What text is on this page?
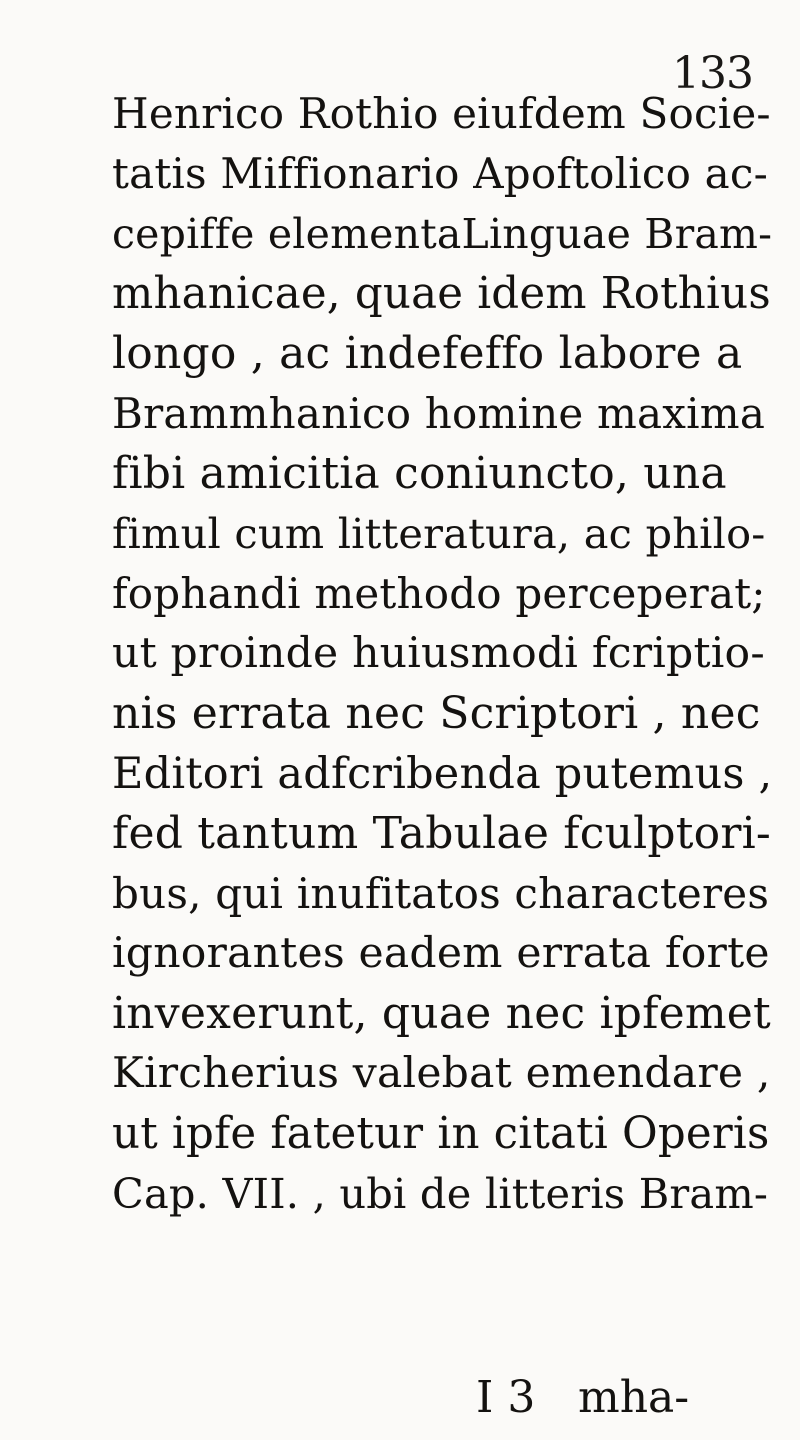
133
Henrico Rothio eiufdem Socie-
tatis Miffionario Apoftolico ac-
cepiffe elementaLinguae Bram-
mhanicae, quae idem Rothius
longo , ac indefeffo labore a
Brammhanico homine maxima
fibi amicitia coniuncto, una
fimul cum litteratura, ac philo-
fophandi methodo perceperat;
ut proinde huiusmodi fcriptio-
nis errata nec Scriptori , nec
Editori adfcribenda putemus ,
fed tantum Tabulae fculptori-
bus, qui inufitatos characteres
ignorantes eadem errata forte
invexerunt, quae nec ipfemet
Kircherius valebat emendare ,
ut ipfe fatetur in citati Operis
Cap. VII. , ubi de litteris Bram-
I 3 mha-
